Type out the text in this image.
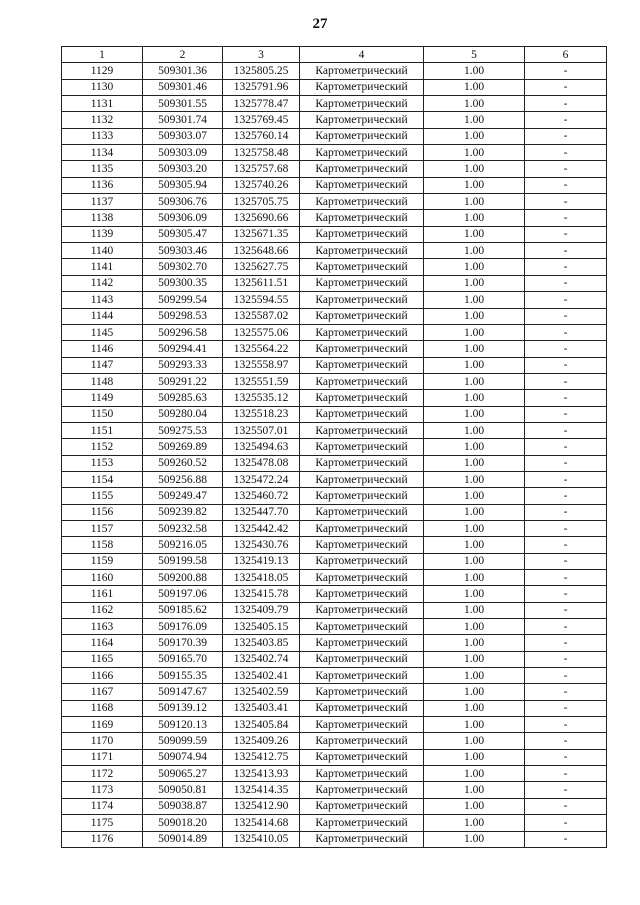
27
1	2	3	4	5	6
1129	509301.36	1325805.25	Картометрический	1.00	-
1130	509301.46	1325791.96	Картометрический	1.00	-
1131	509301.55	1325778.47	Картометрический	1.00	-
1132	509301.74	1325769.45	Картометрический	1.00	-
1133	509303.07	1325760.14	Картометрический	1.00	-
1134	509303.09	1325758.48	Картометрический	1.00	-
1135	509303.20	1325757.68	Картометрический	1.00	-
1136	509305.94	1325740.26	Картометрический	1.00	-
1137	509306.76	1325705.75	Картометрический	1.00	-
1138	509306.09	1325690.66	Картометрический	1.00	-
1139	509305.47	1325671.35	Картометрический	1.00	-
1140	509303.46	1325648.66	Картометрический	1.00	-
1141	509302.70	1325627.75	Картометрический	1.00	-
1142	509300.35	1325611.51	Картометрический	1.00	-
1143	509299.54	1325594.55	Картометрический	1.00	-
1144	509298.53	1325587.02	Картометрический	1.00	-
1145	509296.58	1325575.06	Картометрический	1.00	-
1146	509294.41	1325564.22	Картометрический	1.00	-
1147	509293.33	1325558.97	Картометрический	1.00	-
1148	509291.22	1325551.59	Картометрический	1.00	-
1149	509285.63	1325535.12	Картометрический	1.00	-
1150	509280.04	1325518.23	Картометрический	1.00	-
1151	509275.53	1325507.01	Картометрический	1.00	-
1152	509269.89	1325494.63	Картометрический	1.00	-
1153	509260.52	1325478.08	Картометрический	1.00	-
1154	509256.88	1325472.24	Картометрический	1.00	-
1155	509249.47	1325460.72	Картометрический	1.00	-
1156	509239.82	1325447.70	Картометрический	1.00	-
1157	509232.58	1325442.42	Картометрический	1.00	-
1158	509216.05	1325430.76	Картометрический	1.00	-
1159	509199.58	1325419.13	Картометрический	1.00	-
1160	509200.88	1325418.05	Картометрический	1.00	-
1161	509197.06	1325415.78	Картометрический	1.00	-
1162	509185.62	1325409.79	Картометрический	1.00	-
1163	509176.09	1325405.15	Картометрический	1.00	-
1164	509170.39	1325403.85	Картометрический	1.00	-
1165	509165.70	1325402.74	Картометрический	1.00	-
1166	509155.35	1325402.41	Картометрический	1.00	-
1167	509147.67	1325402.59	Картометрический	1.00	-
1168	509139.12	1325403.41	Картометрический	1.00	-
1169	509120.13	1325405.84	Картометрический	1.00	-
1170	509099.59	1325409.26	Картометрический	1.00	-
1171	509074.94	1325412.75	Картометрический	1.00	-
1172	509065.27	1325413.93	Картометрический	1.00	-
1173	509050.81	1325414.35	Картометрический	1.00	-
1174	509038.87	1325412.90	Картометрический	1.00	-
1175	509018.20	1325414.68	Картометрический	1.00	-
1176	509014.89	1325410.05	Картометрический	1.00	-
